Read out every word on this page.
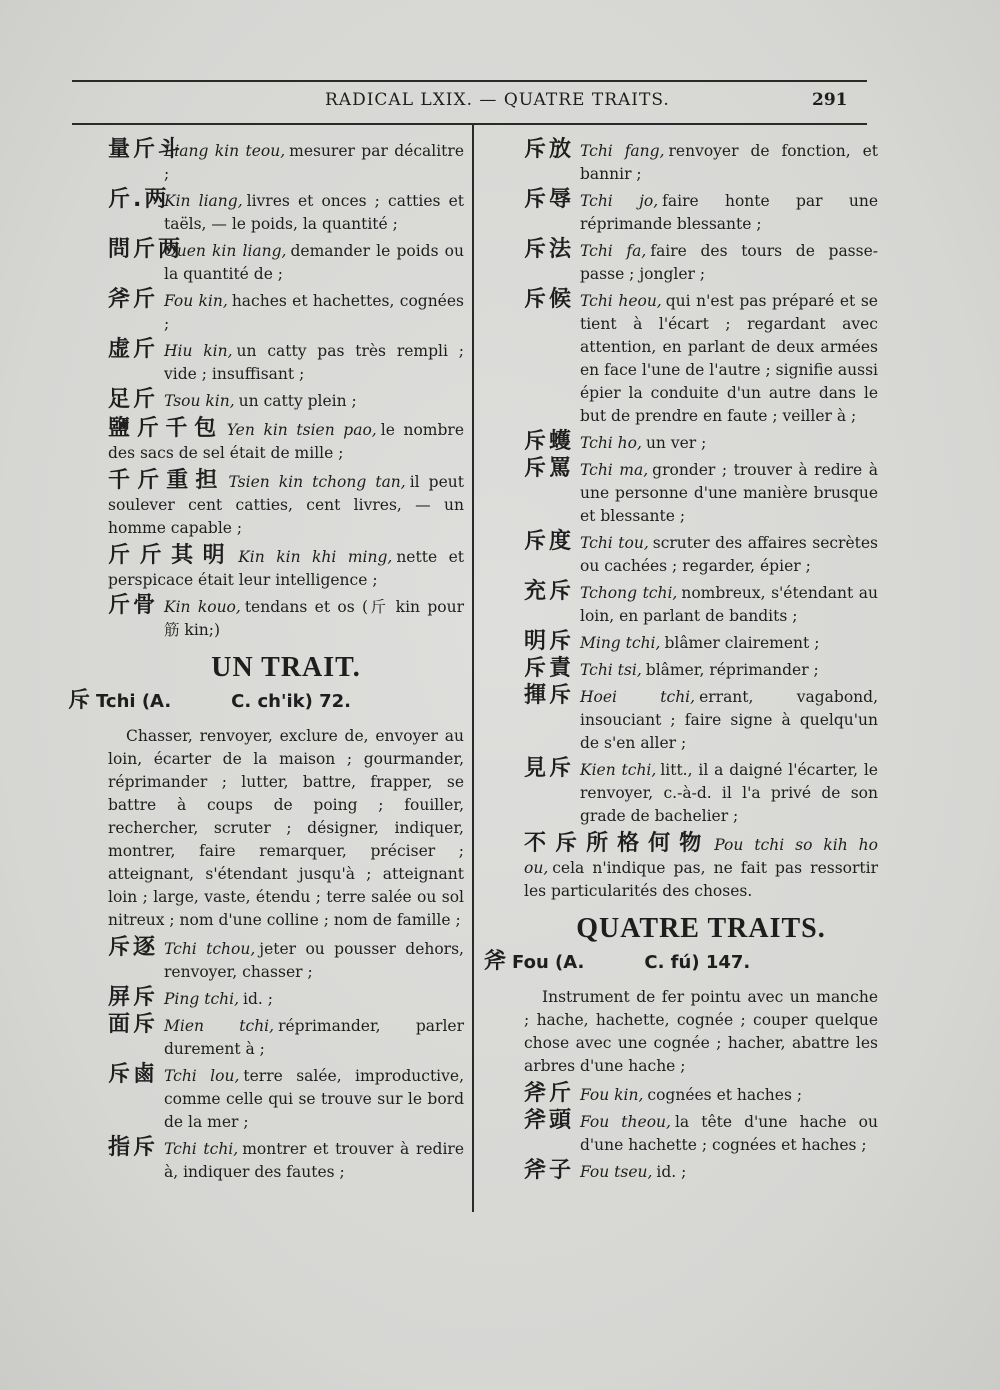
RADICAL LXIX. — QUATRE TRAITS.	291
量斤斗
Liang kin teou, mesurer par décalitre ;
斤.两
Kin liang, livres et onces ; catties et taëls, — le poids, la quantité ;
問斤两
Ouen kin liang, demander le poids ou la quantité de ;
斧斤 Fou kin, haches et hachettes, cognées ;
虚斤 Hiu kin, un catty pas très rempli ; vide ; insuffisant ;
足斤 Tsou kin, un catty plein ;
鹽斤千包 Yen kin tsien pao, le nombre des sacs de sel était de mille ;
千斤重担 Tsien kin tchong tan, il peut soulever cent catties, cent livres, — un homme capable ;
斤斤其明 Kin kin khi ming, nette et perspicace était leur intelligence ;
斤骨 Kin kouo, tendans et os (斤 kin pour 筋 kin;)
UN TRAIT.
斥 Tchi (A.	C. ch'ik) 72.
Chasser, renvoyer, exclure de, envoyer au loin, écarter de la maison ; gourmander, réprimander ; lutter, battre, frapper, se battre à coups de poing ; fouiller, rechercher, scruter ; désigner, indiquer, montrer, faire remarquer, préciser ; atteignant, s'étendant jusqu'à ; atteignant loin ; large, vaste, étendu ; terre salée ou sol nitreux ; nom d'une colline ; nom de famille ;
斥逐 Tchi tchou, jeter ou pousser dehors, renvoyer, chasser ;
屏斥 Ping tchi, id. ;
面斥 Mien tchi, réprimander, parler durement à ;
斥鹵 Tchi lou, terre salée, improductive, comme celle qui se trouve sur le bord de la mer ;
指斥 Tchi tchi, montrer et trouver à redire à, indiquer des fautes ;
斥放 Tchi fang, renvoyer de fonction, et bannir ;
斥辱 Tchi jo, faire honte par une réprimande blessante ;
斥法 Tchi fa, faire des tours de passe-passe ; jongler ;
斥候 Tchi heou, qui n'est pas préparé et se tient à l'écart ; regardant avec attention, en parlant de deux armées en face l'une de l'autre ; signifie aussi épier la conduite d'un autre dans le but de prendre en faute ; veiller à ;
斥蠖 Tchi ho, un ver ;
斥罵 Tchi ma, gronder ; trouver à redire à une personne d'une manière brusque et blessante ;
斥度 Tchi tou, scruter des affaires secrètes ou cachées ; regarder, épier ;
充斥 Tchong tchi, nombreux, s'étendant au loin, en parlant de bandits ;
明斥 Ming tchi, blâmer clairement ;
斥責 Tchi tsi, blâmer, réprimander ;
揮斥 Hoei tchi, errant, vagabond, insouciant ; faire signe à quelqu'un de s'en aller ;
見斥 Kien tchi, litt., il a daigné l'écarter, le renvoyer, c.-à-d. il l'a privé de son grade de bachelier ;
不斥所格何物 Pou tchi so kih ho ou, cela n'indique pas, ne fait pas ressortir les particularités des choses.
QUATRE TRAITS.
斧 Fou (A.	C. fú) 147.
Instrument de fer pointu avec un manche ; hache, hachette, cognée ; couper quelque chose avec une cognée ; hacher, abattre les arbres d'une hache ;
斧斤 Fou kin, cognées et haches ;
斧頭 Fou theou, la tête d'une hache ou d'une hachette ; cognées et haches ;
斧子 Fou tseu, id. ;
